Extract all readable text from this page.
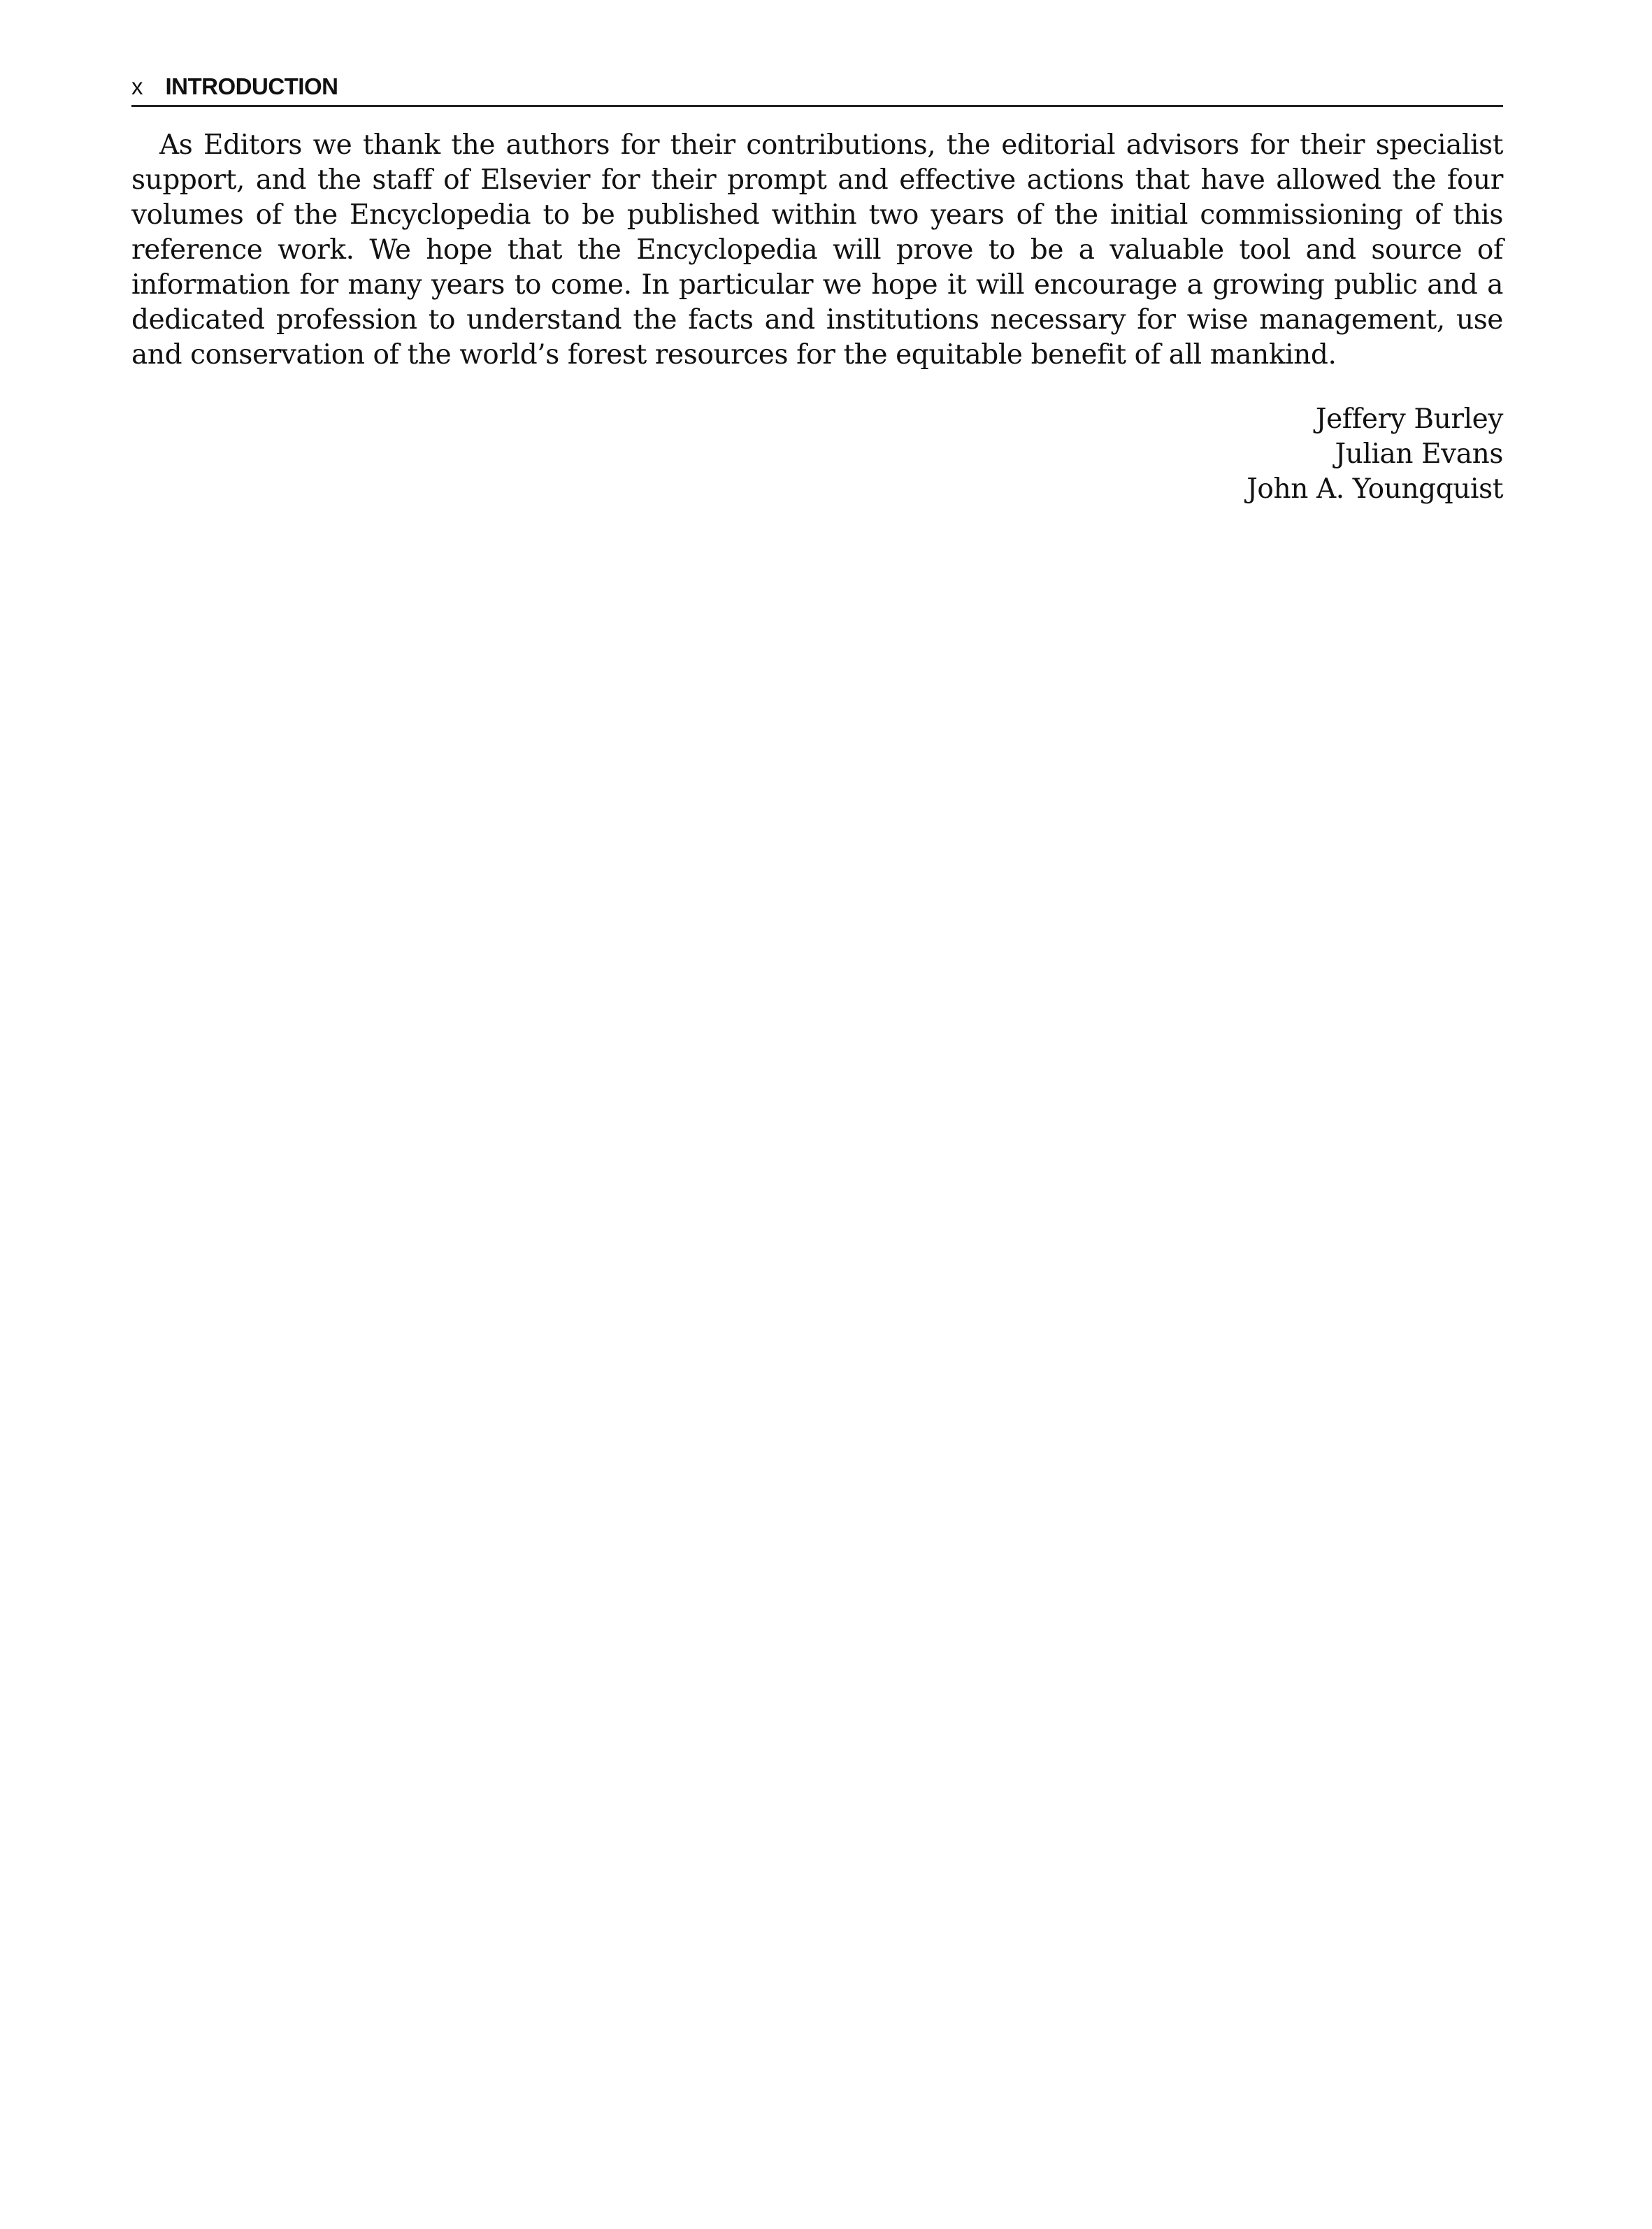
x INTRODUCTION

As Editors we thank the authors for their contributions, the editorial advisors for their specialist support, and the staff of Elsevier for their prompt and effective actions that have allowed the four volumes of the Encyclopedia to be published within two years of the initial commissioning of this reference work. We hope that the Encyclopedia will prove to be a valuable tool and source of information for many years to come. In particular we hope it will encourage a growing public and a dedicated profession to understand the facts and institutions necessary for wise management, use and conservation of the world’s forest resources for the equitable benefit of all mankind.

Jeffery Burley
Julian Evans
John A. Youngquist
